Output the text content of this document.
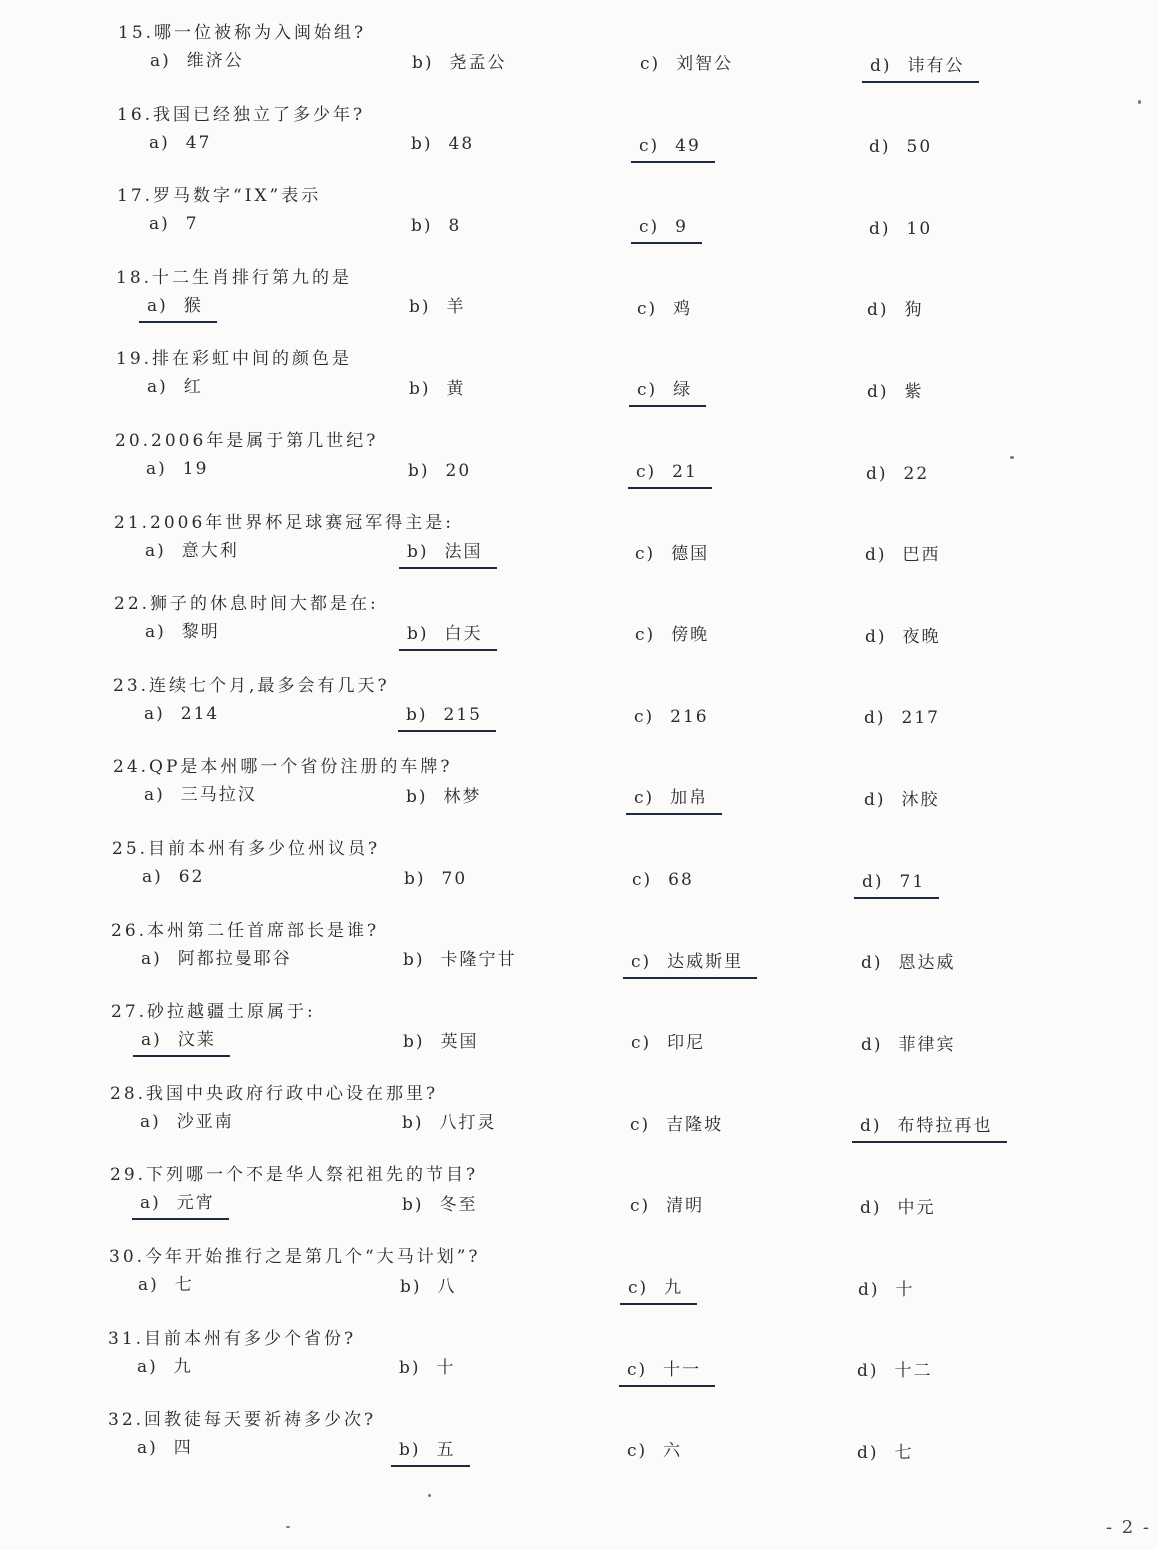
15.哪一位被称为入闽始组?
a) 维济公	b) 尧孟公	c) 刘智公	d) 讳有公
16.我国已经独立了多少年?
a) 47	b) 48	c) 49	d) 50
17.罗马数字“ⅠⅩ”表示
a) 7	b) 8	c) 9	d) 10
18.十二生肖排行第九的是
a) 猴	b) 羊	c) 鸡	d) 狗
19.排在彩虹中间的颜色是
a) 红	b) 黄	c) 绿	d) 紫
20.2006年是属于第几世纪?
a) 19	b) 20	c) 21	d) 22
21.2006年世界杯足球赛冠军得主是:
a) 意大利	b) 法国	c) 德国	d) 巴西
22.狮子的休息时间大都是在:
a) 黎明	b) 白天	c) 傍晚	d) 夜晚
23.连续七个月,最多会有几天?
a) 214	b) 215	c) 216	d) 217
24.QP是本州哪一个省份注册的车牌?
a) 三马拉汉	b) 林梦	c) 加帛	d) 沐胶
25.目前本州有多少位州议员?
a) 62	b) 70	c) 68	d) 71
26.本州第二任首席部长是谁?
a) 阿都拉曼耶谷	b) 卡隆宁甘	c) 达威斯里	d) 恩达威
27.砂拉越疆土原属于:
a) 汶莱	b) 英国	c) 印尼	d) 菲律宾
28.我国中央政府行政中心设在那里?
a) 沙亚南	b) 八打灵	c) 吉隆坡	d) 布特拉再也
29.下列哪一个不是华人祭祀祖先的节目?
a) 元宵	b) 冬至	c) 清明	d) 中元
30.今年开始推行之是第几个“大马计划”?
a) 七	b) 八	c) 九	d) 十
31.目前本州有多少个省份?
a) 九	b) 十	c) 十一	d) 十二
32.回教徒每天要祈祷多少次?
a) 四	b) 五	c) 六	d) 七
- 2 -
